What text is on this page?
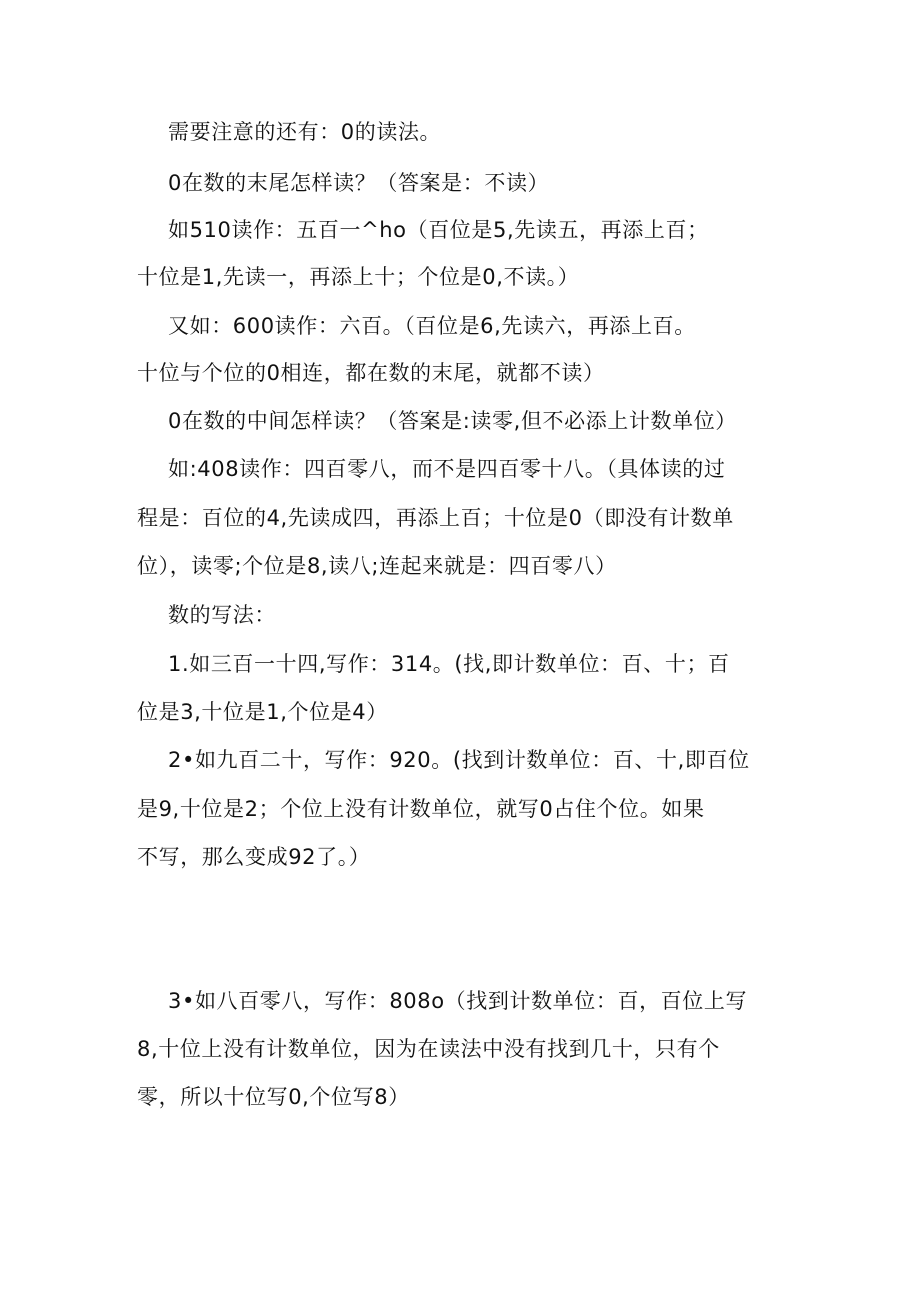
需要注意的还有：0的读法。
0在数的末尾怎样读？（答案是：不读）
如510读作：五百一^ho（百位是5,先读五，再添上百；
十位是1,先读一，再添上十；个位是0,不读。）
又如：600读作：六百。（百位是6,先读六，再添上百。
十位与个位的0相连，都在数的末尾，就都不读）
0在数的中间怎样读？（答案是:读零,但不必添上计数单位）
如:408读作：四百零八，而不是四百零十八。（具体读的过
程是：百位的4,先读成四，再添上百；十位是0（即没有计数单
位），读零;个位是8,读八;连起来就是：四百零八）
数的写法：
1.如三百一十四,写作：314。(找,即计数单位：百、十；百
位是3,十位是1,个位是4）
2•如九百二十，写作：920。(找到计数单位：百、十,即百位
是9,十位是2；个位上没有计数单位，就写0占住个位。如果
不写，那么变成92了。）
3•如八百零八，写作：808o（找到计数单位：百，百位上写
8,十位上没有计数单位，因为在读法中没有找到几十，只有个
零，所以十位写0,个位写8）
